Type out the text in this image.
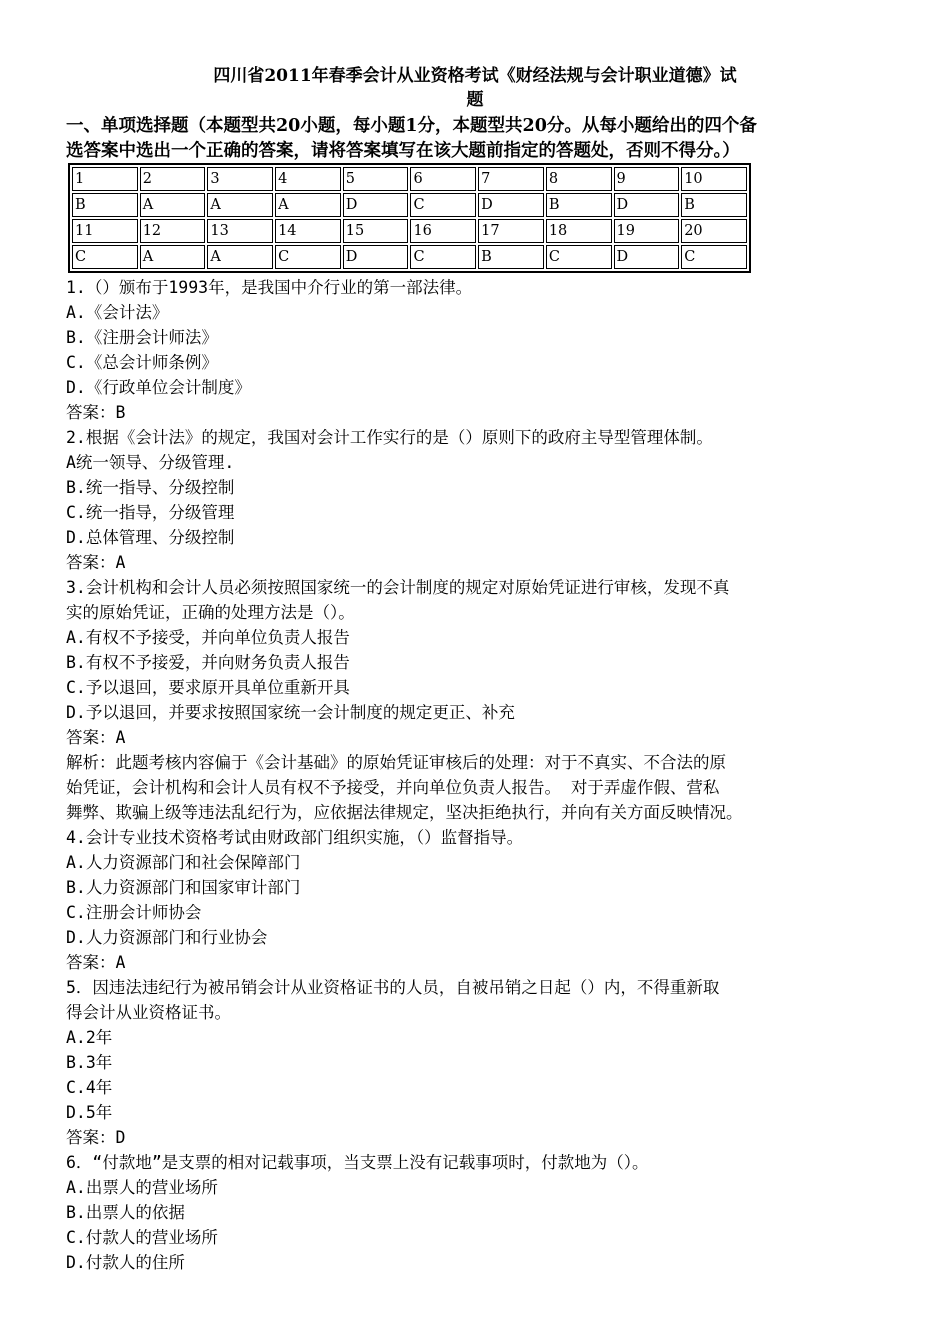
四川省2011年春季会计从业资格考试《财经法规与会计职业道德》试
题
一、单项选择题（本题型共20小题，每小题1分，本题型共20分。从每小题给出的四个备
选答案中选出一个正确的答案，请将答案填写在该大题前指定的答题处，否则不得分。）
1	2	3	4	5	6	7	8	9	10
B	A	A	A	D	C	D	B	D	B
11	12	13	14	15	16	17	18	19	20
C	A	A	C	D	C	B	C	D	C
1.（）颁布于1993年，是我国中介行业的第一部法律。
A.《会计法》
B.《注册会计师法》
C.《总会计师条例》
D.《行政单位会计制度》
答案：B
2.根据《会计法》的规定，我国对会计工作实行的是（）原则下的政府主导型管理体制。
A统一领导、分级管理.
B.统一指导、分级控制
C.统一指导，分级管理
D.总体管理、分级控制
答案：A
3.会计机构和会计人员必须按照国家统一的会计制度的规定对原始凭证进行审核，发现不真
实的原始凭证，正确的处理方法是（）。
A.有权不予接受，并向单位负责人报告
B.有权不予接爱，并向财务负责人报告
C.予以退回，要求原开具单位重新开具
D.予以退回，并要求按照国家统一会计制度的规定更正、补充
答案：A
解析：此题考核内容偏于《会计基础》的原始凭证审核后的处理：对于不真实、不合法的原
始凭证，会计机构和会计人员有权不予接受，并向单位负责人报告。 对于弄虚作假、营私
舞弊、欺骗上级等违法乱纪行为，应依据法律规定，坚决拒绝执行，并向有关方面反映情况。
4.会计专业技术资格考试由财政部门组织实施，（）监督指导。
A.人力资源部门和社会保障部门
B.人力资源部门和国家审计部门
C.注册会计师协会
D.人力资源部门和行业协会
答案：A
5．因违法违纪行为被吊销会计从业资格证书的人员，自被吊销之日起（）内，不得重新取
得会计从业资格证书。
A.2年
B.3年
C.4年
D.5年
答案：D
6．“付款地”是支票的相对记载事项，当支票上没有记载事项时，付款地为（）。
A.出票人的营业场所
B.出票人的依据
C.付款人的营业场所
D.付款人的住所
